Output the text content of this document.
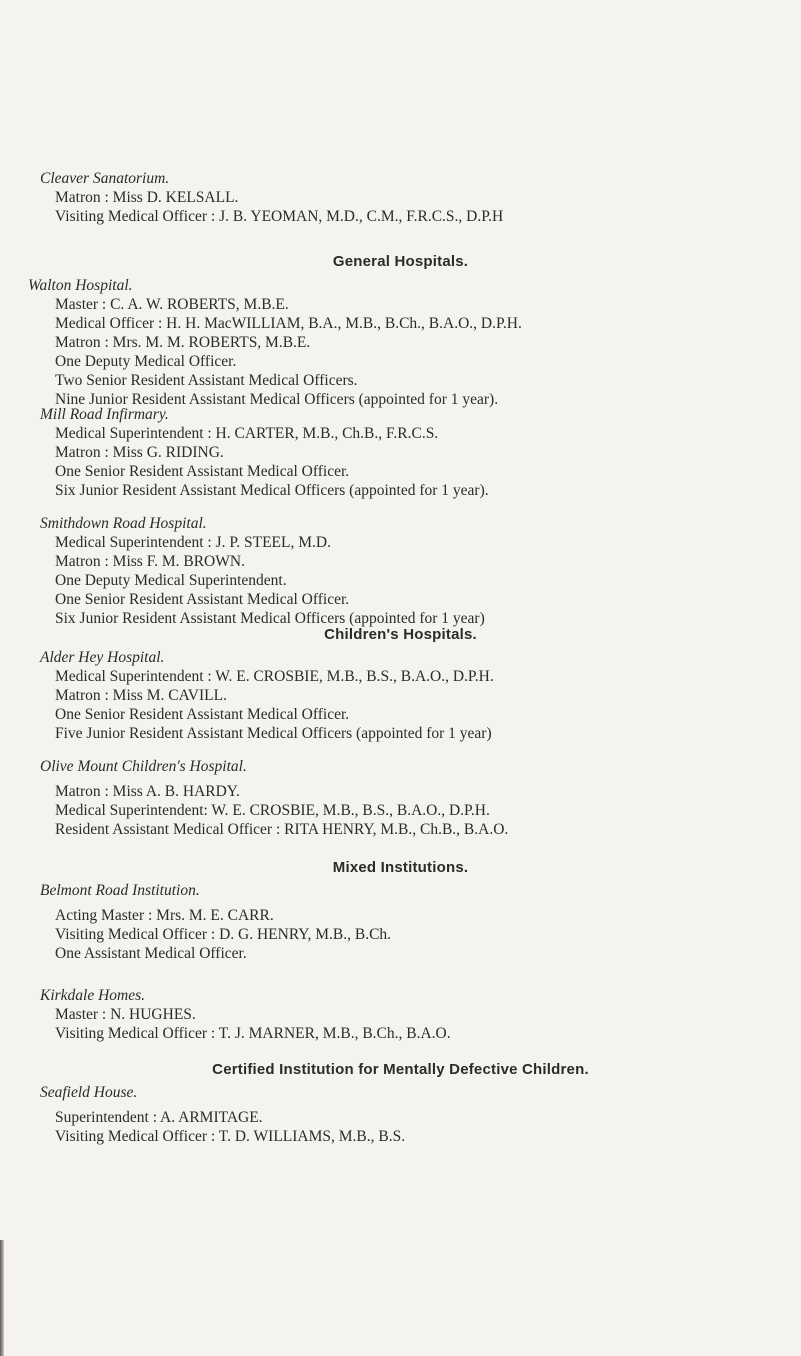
Cleaver Sanatorium.
Matron : Miss D. KELSALL.
Visiting Medical Officer : J. B. YEOMAN, M.D., C.M., F.R.C.S., D.P.H
General Hospitals.
Walton Hospital.
Master : C. A. W. ROBERTS, M.B.E.
Medical Officer : H. H. MacWILLIAM, B.A., M.B., B.Ch., B.A.O., D.P.H.
Matron : Mrs. M. M. ROBERTS, M.B.E.
One Deputy Medical Officer.
Two Senior Resident Assistant Medical Officers.
Nine Junior Resident Assistant Medical Officers (appointed for 1 year).
Mill Road Infirmary.
Medical Superintendent : H. CARTER, M.B., Ch.B., F.R.C.S.
Matron : Miss G. RIDING.
One Senior Resident Assistant Medical Officer.
Six Junior Resident Assistant Medical Officers (appointed for 1 year).
Smithdown Road Hospital.
Medical Superintendent : J. P. STEEL, M.D.
Matron : Miss F. M. BROWN.
One Deputy Medical Superintendent.
One Senior Resident Assistant Medical Officer.
Six Junior Resident Assistant Medical Officers (appointed for 1 year)
Children's Hospitals.
Alder Hey Hospital.
Medical Superintendent : W. E. CROSBIE, M.B., B.S., B.A.O., D.P.H.
Matron : Miss M. CAVILL.
One Senior Resident Assistant Medical Officer.
Five Junior Resident Assistant Medical Officers (appointed for 1 year)
Olive Mount Children's Hospital.
Matron : Miss A. B. HARDY.
Medical Superintendent: W. E. CROSBIE, M.B., B.S., B.A.O., D.P.H.
Resident Assistant Medical Officer : RITA HENRY, M.B., Ch.B., B.A.O.
Mixed Institutions.
Belmont Road Institution.
Acting Master : Mrs. M. E. CARR.
Visiting Medical Officer : D. G. HENRY, M.B., B.Ch.
One Assistant Medical Officer.
Kirkdale Homes.
Master : N. HUGHES.
Visiting Medical Officer : T. J. MARNER, M.B., B.Ch., B.A.O.
Certified Institution for Mentally Defective Children.
Seafield House.
Superintendent : A. ARMITAGE.
Visiting Medical Officer : T. D. WILLIAMS, M.B., B.S.
